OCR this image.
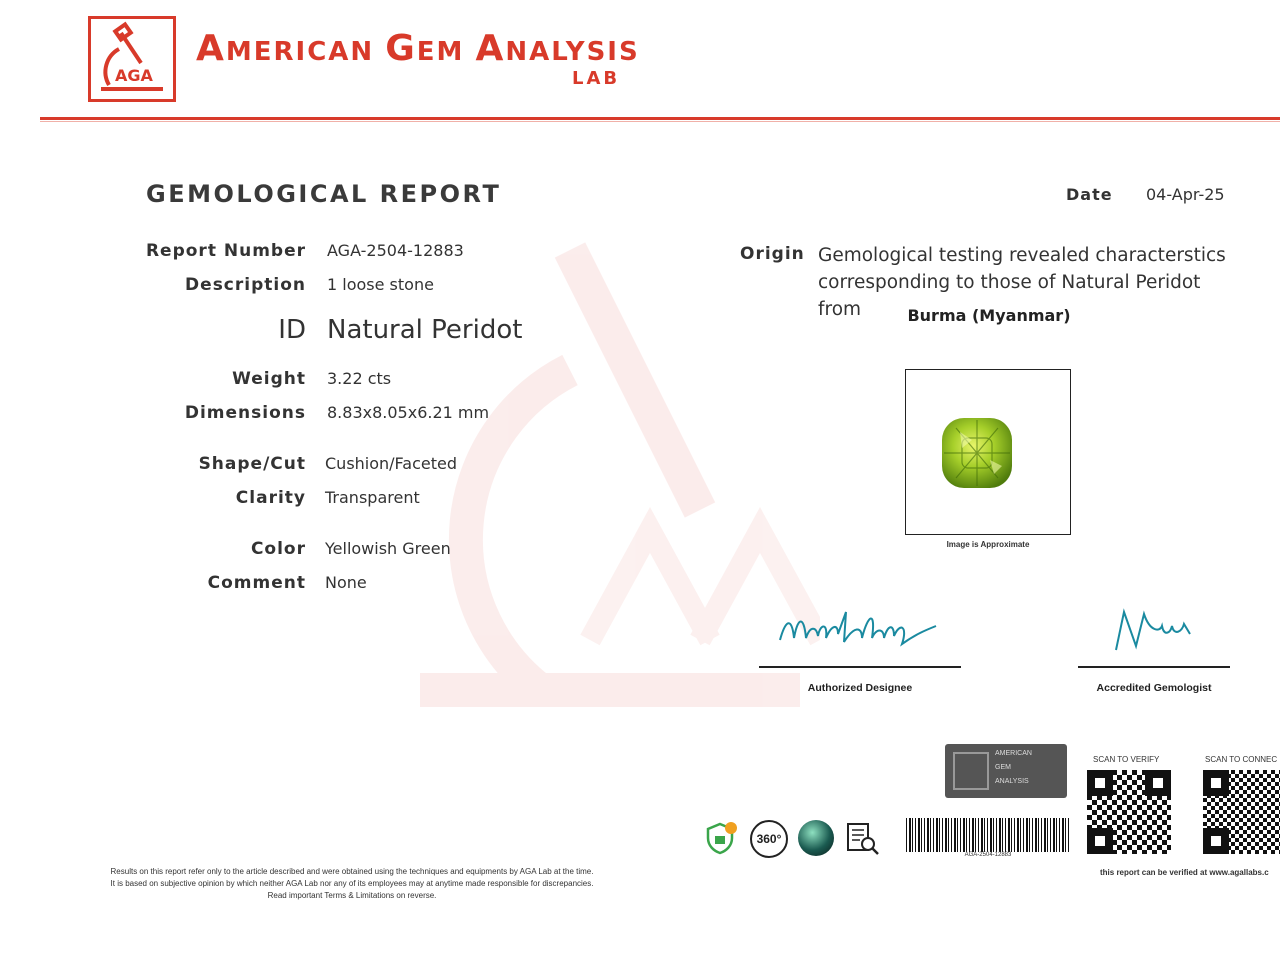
AGA
AMERICAN GEM ANALYSIS
LAB
GEMOLOGICAL REPORT	Date 04-Apr-25
Report Number AGA-2504-12883
Description 1 loose stone
ID Natural Peridot
Weight 3.22 cts
Dimensions 8.83x8.05x6.21 mm
Shape/Cut Cushion/Faceted
Clarity Transparent
Color Yellowish Green
Comment None
Origin Gemological testing revealed characterstics corresponding to those of Natural Peridot from	Burma (Myanmar)
Image is Approximate
Authorized Designee	Accredited Gemologist
AMERICAN
GEM
ANALYSIS
360°
AGA-2504-12883
SCAN TO VERIFY	SCAN TO CONNEC
this report can be verified at www.agallabs.c
Results on this report refer only to the article described and were obtained using the techniques and equipments by AGA Lab at the time.
It is based on subjective opinion by which neither AGA Lab nor any of its employees may at anytime made responsible for discrepancies.
Read important Terms & Limitations on reverse.
